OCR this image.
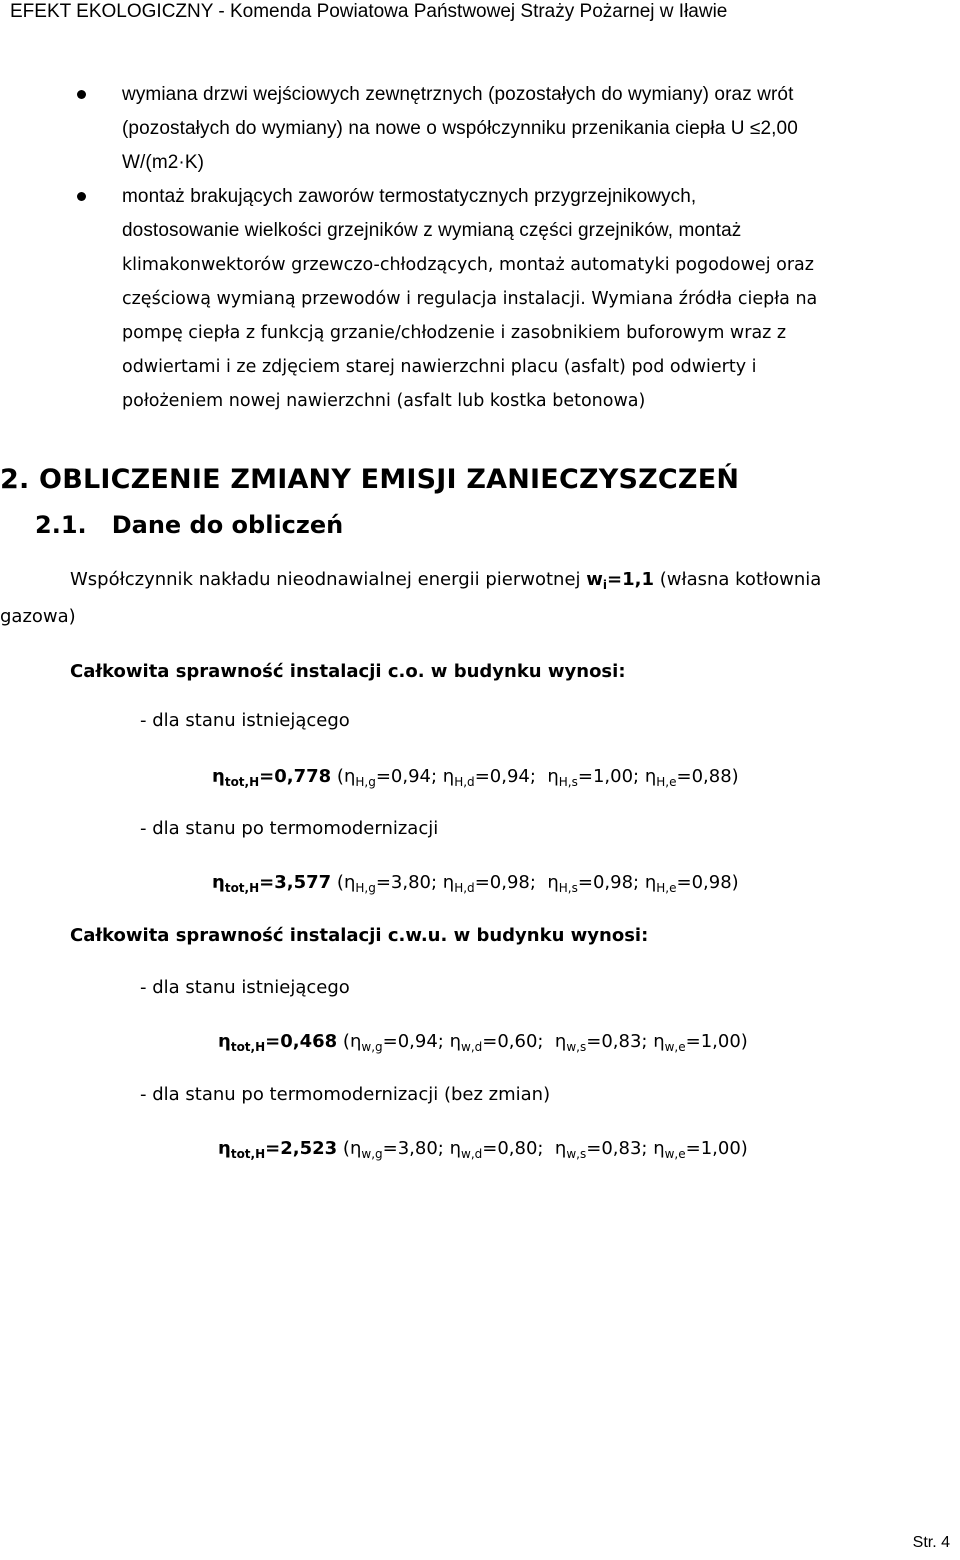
EFEKT EKOLOGICZNY - Komenda Powiatowa Państwowej Straży Pożarnej w Iławie
wymiana drzwi wejściowych zewnętrznych (pozostałych do wymiany) oraz wrót
(pozostałych do wymiany) na nowe o współczynniku przenikania ciepła U ≤2,00
W/(m2·K)
montaż brakujących zaworów termostatycznych przygrzejnikowych,
dostosowanie wielkości grzejników z wymianą części grzejników, montaż
klimakonwektorów grzewczo-chłodzących, montaż automatyki pogodowej oraz
częściową wymianą przewodów i regulacja instalacji. Wymiana źródła ciepła na
pompę ciepła z funkcją grzanie/chłodzenie i zasobnikiem buforowym wraz z
odwiertami i ze zdjęciem starej nawierzchni placu (asfalt) pod odwierty i
położeniem nowej nawierzchni (asfalt lub kostka betonowa)
2. OBLICZENIE ZMIANY EMISJI ZANIECZYSZCZEŃ
2.1.   Dane do obliczeń
Współczynnik nakładu nieodnawialnej energii pierwotnej $w_i=1,1$ (własna kotłownia
gazowa)
Całkowita sprawność instalacji c.o. w budynku wynosi:
- dla stanu istniejącego
$\eta_{tot,H}=0,778$ ($\eta_{H,g}=0,94$; $\eta_{H,d}=0,94$;  $\eta_{H,s}=1,00$; $\eta_{H,e}=0,88$)
- dla stanu po termomodernizacji
$\eta_{tot,H}=3,577$ ($\eta_{H,g}=3,80$; $\eta_{H,d}=0,98$;  $\eta_{H,s}=0,98$; $\eta_{H,e}=0,98$)
Całkowita sprawność instalacji c.w.u. w budynku wynosi:
- dla stanu istniejącego
$\eta_{tot,H}=0,468$ ($\eta_{w,g}=0,94$; $\eta_{w,d}=0,60$;  $\eta_{w,s}=0,83$; $\eta_{w,e}=1,00$)
- dla stanu po termomodernizacji (bez zmian)
$\eta_{tot,H}=2,523$ ($\eta_{w,g}=3,80$; $\eta_{w,d}=0,80$;  $\eta_{w,s}=0,83$; $\eta_{w,e}=1,00$)
Str. 4
